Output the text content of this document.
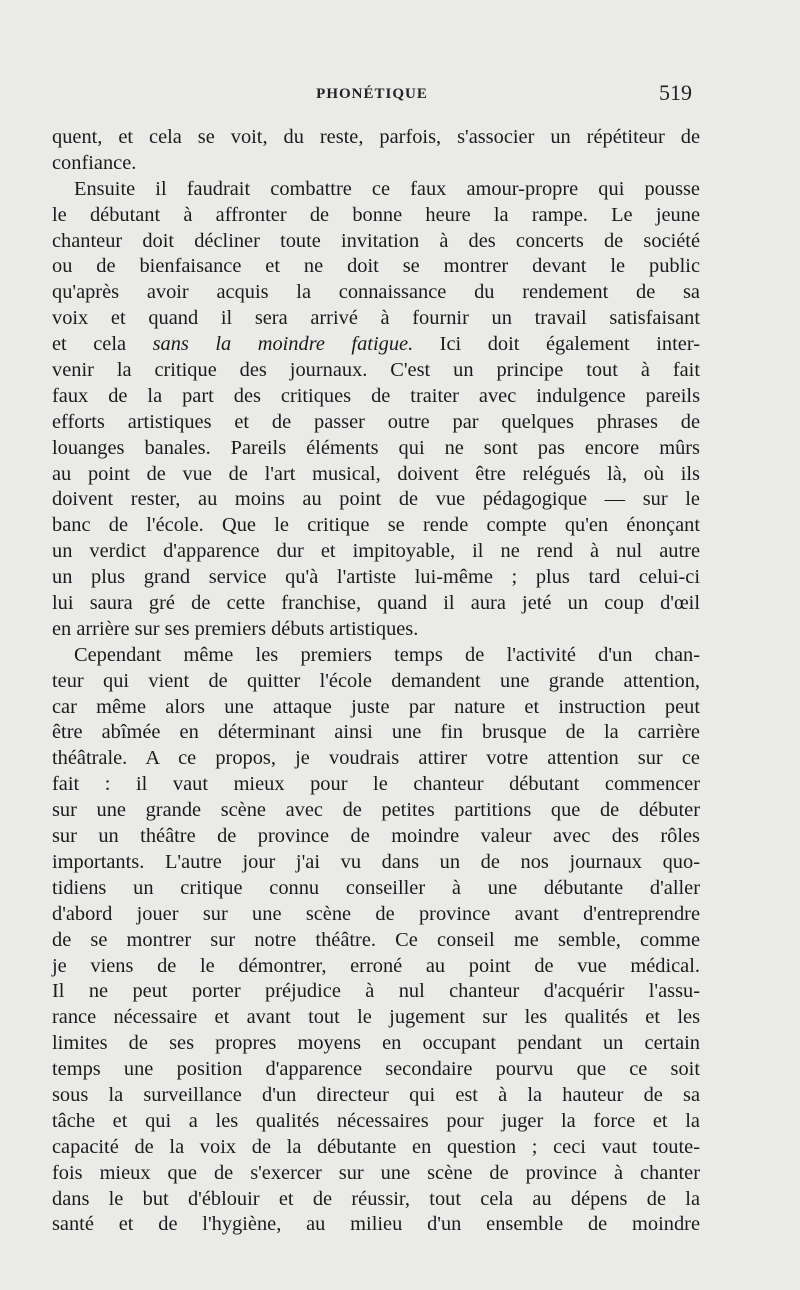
PHONÉTIQUE	519
quent, et cela se voit, du reste, parfois, s'associer un répétiteur de
confiance.
Ensuite il faudrait combattre ce faux amour-propre qui pousse
le débutant à affronter de bonne heure la rampe. Le jeune
chanteur doit décliner toute invitation à des concerts de société
ou de bienfaisance et ne doit se montrer devant le public
qu'après avoir acquis la connaissance du rendement de sa
voix et quand il sera arrivé à fournir un travail satisfaisant
et cela sans la moindre fatigue. Ici doit également inter-
venir la critique des journaux. C'est un principe tout à fait
faux de la part des critiques de traiter avec indulgence pareils
efforts artistiques et de passer outre par quelques phrases de
louanges banales. Pareils éléments qui ne sont pas encore mûrs
au point de vue de l'art musical, doivent être relégués là, où ils
doivent rester, au moins au point de vue pédagogique — sur le
banc de l'école. Que le critique se rende compte qu'en énonçant
un verdict d'apparence dur et impitoyable, il ne rend à nul autre
un plus grand service qu'à l'artiste lui-même ; plus tard celui-ci
lui saura gré de cette franchise, quand il aura jeté un coup d'œil
en arrière sur ses premiers débuts artistiques.
Cependant même les premiers temps de l'activité d'un chan-
teur qui vient de quitter l'école demandent une grande attention,
car même alors une attaque juste par nature et instruction peut
être abîmée en déterminant ainsi une fin brusque de la carrière
théâtrale. A ce propos, je voudrais attirer votre attention sur ce
fait : il vaut mieux pour le chanteur débutant commencer
sur une grande scène avec de petites partitions que de débuter
sur un théâtre de province de moindre valeur avec des rôles
importants. L'autre jour j'ai vu dans un de nos journaux quo-
tidiens un critique connu conseiller à une débutante d'aller
d'abord jouer sur une scène de province avant d'entreprendre
de se montrer sur notre théâtre. Ce conseil me semble, comme
je viens de le démontrer, erroné au point de vue médical.
Il ne peut porter préjudice à nul chanteur d'acquérir l'assu-
rance nécessaire et avant tout le jugement sur les qualités et les
limites de ses propres moyens en occupant pendant un certain
temps une position d'apparence secondaire pourvu que ce soit
sous la surveillance d'un directeur qui est à la hauteur de sa
tâche et qui a les qualités nécessaires pour juger la force et la
capacité de la voix de la débutante en question ; ceci vaut toute-
fois mieux que de s'exercer sur une scène de province à chanter
dans le but d'éblouir et de réussir, tout cela au dépens de la
santé et de l'hygiène, au milieu d'un ensemble de moindre
